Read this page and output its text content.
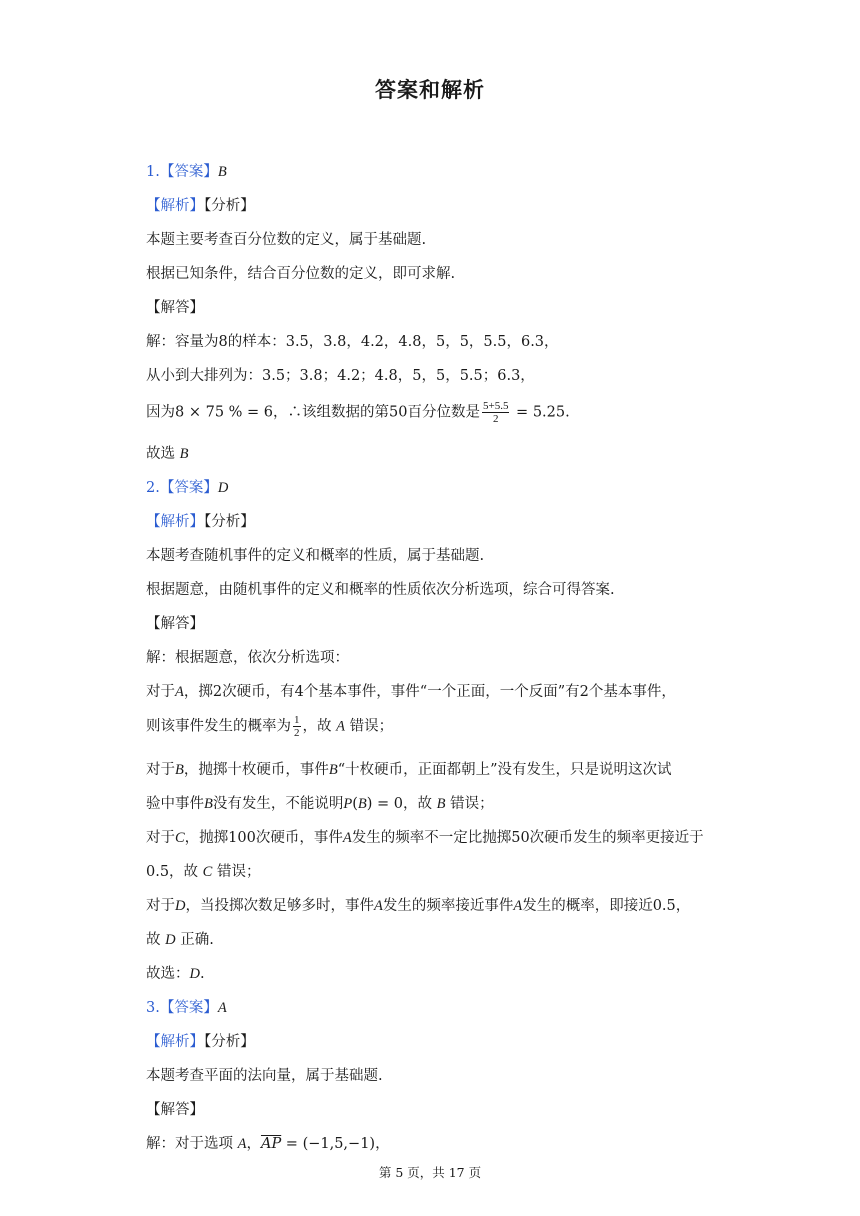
答案和解析
1.【答案】B
【解析】【分析】
本题主要考查百分位数的定义，属于基础题.
根据已知条件，结合百分位数的定义，即可求解.
【解答】
解：容量为8的样本：3.5，3.8，4.2，4.8，5，5，5.5，6.3，
从小到大排列为：3.5；3.8；4.2；4.8，5，5，5.5；6.3，
因为8 × 75 % = 6，∴该组数据的第50百分位数是 $\frac{5+5.5}{2} = 5.25$.
故选 B
2.【答案】D
【解析】【分析】
本题考查随机事件的定义和概率的性质，属于基础题.
根据题意，由随机事件的定义和概率的性质依次分析选项，综合可得答案.
【解答】
解：根据题意，依次分析选项：
对于A，掷2次硬币，有4个基本事件，事件“一个正面，一个反面”有2个基本事件，
则该事件发生的概率为 $\frac{1}{2}$ ，故 A 错误；
对于B，抛掷十枚硬币，事件B“十枚硬币，正面都朝上”没有发生，只是说明这次试
验中事件B没有发生，不能说明P(B) = 0，故 B 错误；
对于C，抛掷100次硬币，事件A发生的频率不一定比抛掷50次硬币发生的频率更接近于
0.5，故 C 错误；
对于D，当投掷次数足够多时，事件A发生的频率接近事件A发生的概率，即接近0.5，
故 D 正确.
故选：D.
3.【答案】A
【解析】【分析】
本题考查平面的法向量，属于基础题.
【解答】
解：对于选项 A，$\overline{AP} = (-1,5,-1)$，
第 5 页，共 17 页
